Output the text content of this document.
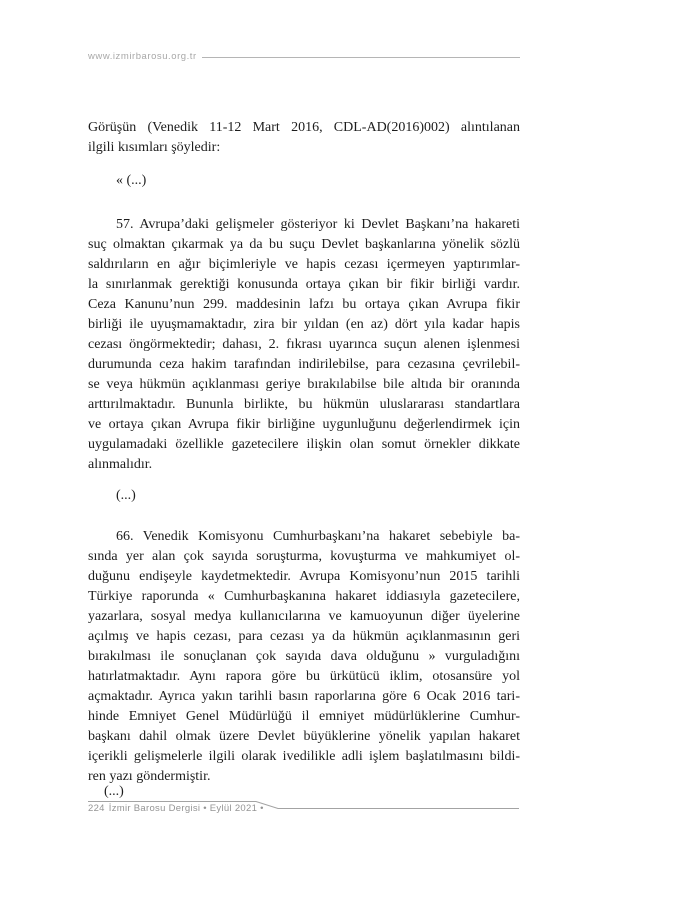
www.izmirbarosu.org.tr
Görüşün (Venedik 11-12 Mart 2016, CDL-AD(2016)002) alıntılanan
ilgili kısımları şöyledir:
« (...)
57. Avrupa’daki gelişmeler gösteriyor ki Devlet Başkanı’na hakareti
suç olmaktan çıkarmak ya da bu suçu Devlet başkanlarına yönelik sözlü
saldırıların en ağır biçimleriyle ve hapis cezası içermeyen yaptırımlar-
la sınırlanmak gerektiği konusunda ortaya çıkan bir fikir birliği vardır.
Ceza Kanunu’nun 299. maddesinin lafzı bu ortaya çıkan Avrupa fikir
birliği ile uyuşmamaktadır, zira bir yıldan (en az) dört yıla kadar hapis
cezası öngörmektedir; dahası, 2. fıkrası uyarınca suçun alenen işlenmesi
durumunda ceza hakim tarafından indirilebilse, para cezasına çevrilebil-
se veya hükmün açıklanması geriye bırakılabilse bile altıda bir oranında
arttırılmaktadır. Bununla birlikte, bu hükmün uluslararası standartlara
ve ortaya çıkan Avrupa fikir birliğine uygunluğunu değerlendirmek için
uygulamadaki özellikle gazetecilere ilişkin olan somut örnekler dikkate
alınmalıdır.
(...)
66. Venedik Komisyonu Cumhurbaşkanı’na hakaret sebebiyle ba-
sında yer alan çok sayıda soruşturma, kovuşturma ve mahkumiyet ol-
duğunu endişeyle kaydetmektedir. Avrupa Komisyonu’nun 2015 tarihli
Türkiye raporunda « Cumhurbaşkanına hakaret iddiasıyla gazetecilere,
yazarlara, sosyal medya kullanıcılarına ve kamuoyunun diğer üyelerine
açılmış ve hapis cezası, para cezası ya da hükmün açıklanmasının geri
bırakılması ile sonuçlanan çok sayıda dava olduğunu » vurguladığını
hatırlatmaktadır. Aynı rapora göre bu ürkütücü iklim, otosansüre yol
açmaktadır. Ayrıca yakın tarihli basın raporlarına göre 6 Ocak 2016 tari-
hinde Emniyet Genel Müdürlüğü il emniyet müdürlüklerine Cumhur-
başkanı dahil olmak üzere Devlet büyüklerine yönelik yapılan hakaret
içerikli gelişmelerle ilgili olarak ivedilikle adli işlem başlatılmasını bildi-
ren yazı göndermiştir.
(...)
224 İzmir Barosu Dergisi • Eylül 2021 •
